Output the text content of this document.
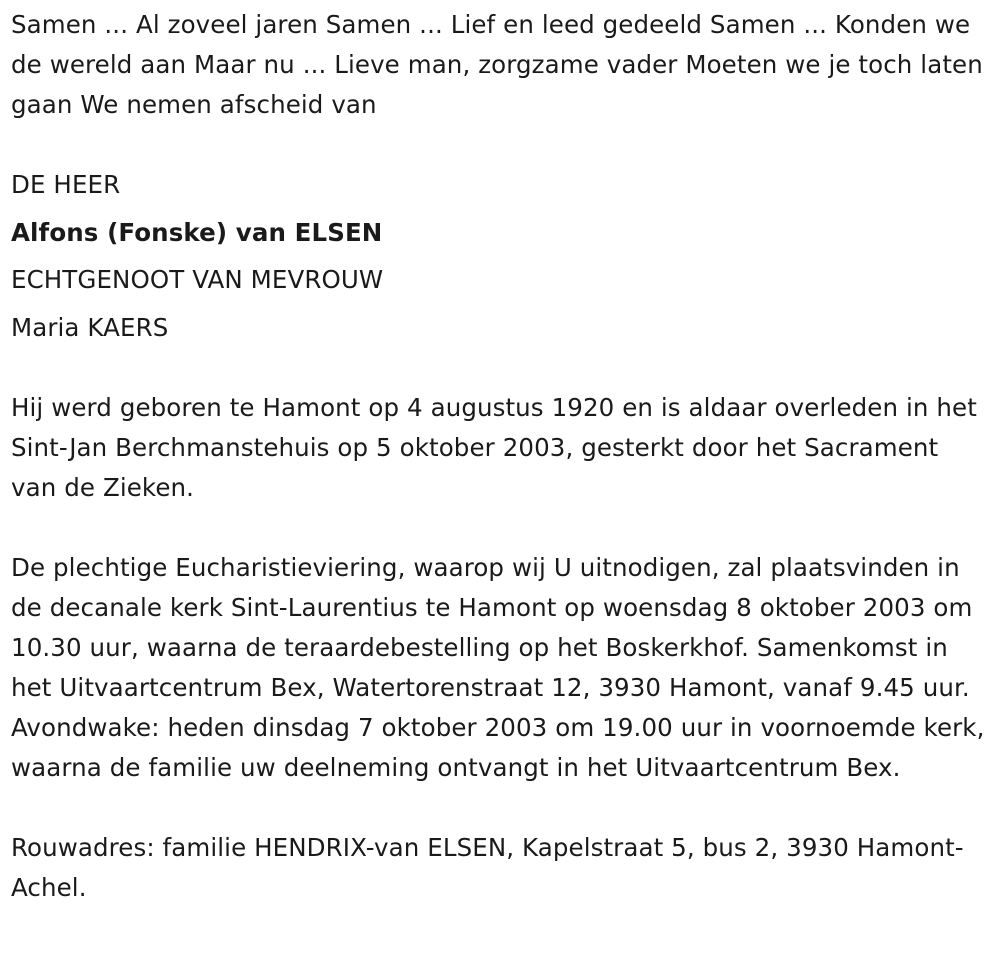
Samen ... Al zoveel jaren Samen ... Lief en leed gedeeld Samen ... Konden we de wereld aan Maar nu ... Lieve man, zorgzame vader Moeten we je toch laten gaan We nemen afscheid van

DE HEER
Alfons (Fonske) van ELSEN
ECHTGENOOT VAN MEVROUW
Maria KAERS

Hij werd geboren te Hamont op 4 augustus 1920 en is aldaar overleden in het Sint-Jan Berchmanstehuis op 5 oktober 2003, gesterkt door het Sacrament van de Zieken.

De plechtige Eucharistieviering, waarop wij U uitnodigen, zal plaatsvinden in de decanale kerk Sint-Laurentius te Hamont op woensdag 8 oktober 2003 om 10.30 uur, waarna de teraardebestelling op het Boskerkhof. Samenkomst in het Uitvaartcentrum Bex, Watertorenstraat 12, 3930 Hamont, vanaf 9.45 uur. Avondwake: heden dinsdag 7 oktober 2003 om 19.00 uur in voornoemde kerk, waarna de familie uw deelneming ontvangt in het Uitvaartcentrum Bex.

Rouwadres: familie HENDRIX-van ELSEN, Kapelstraat 5, bus 2, 3930 Hamont-Achel.
